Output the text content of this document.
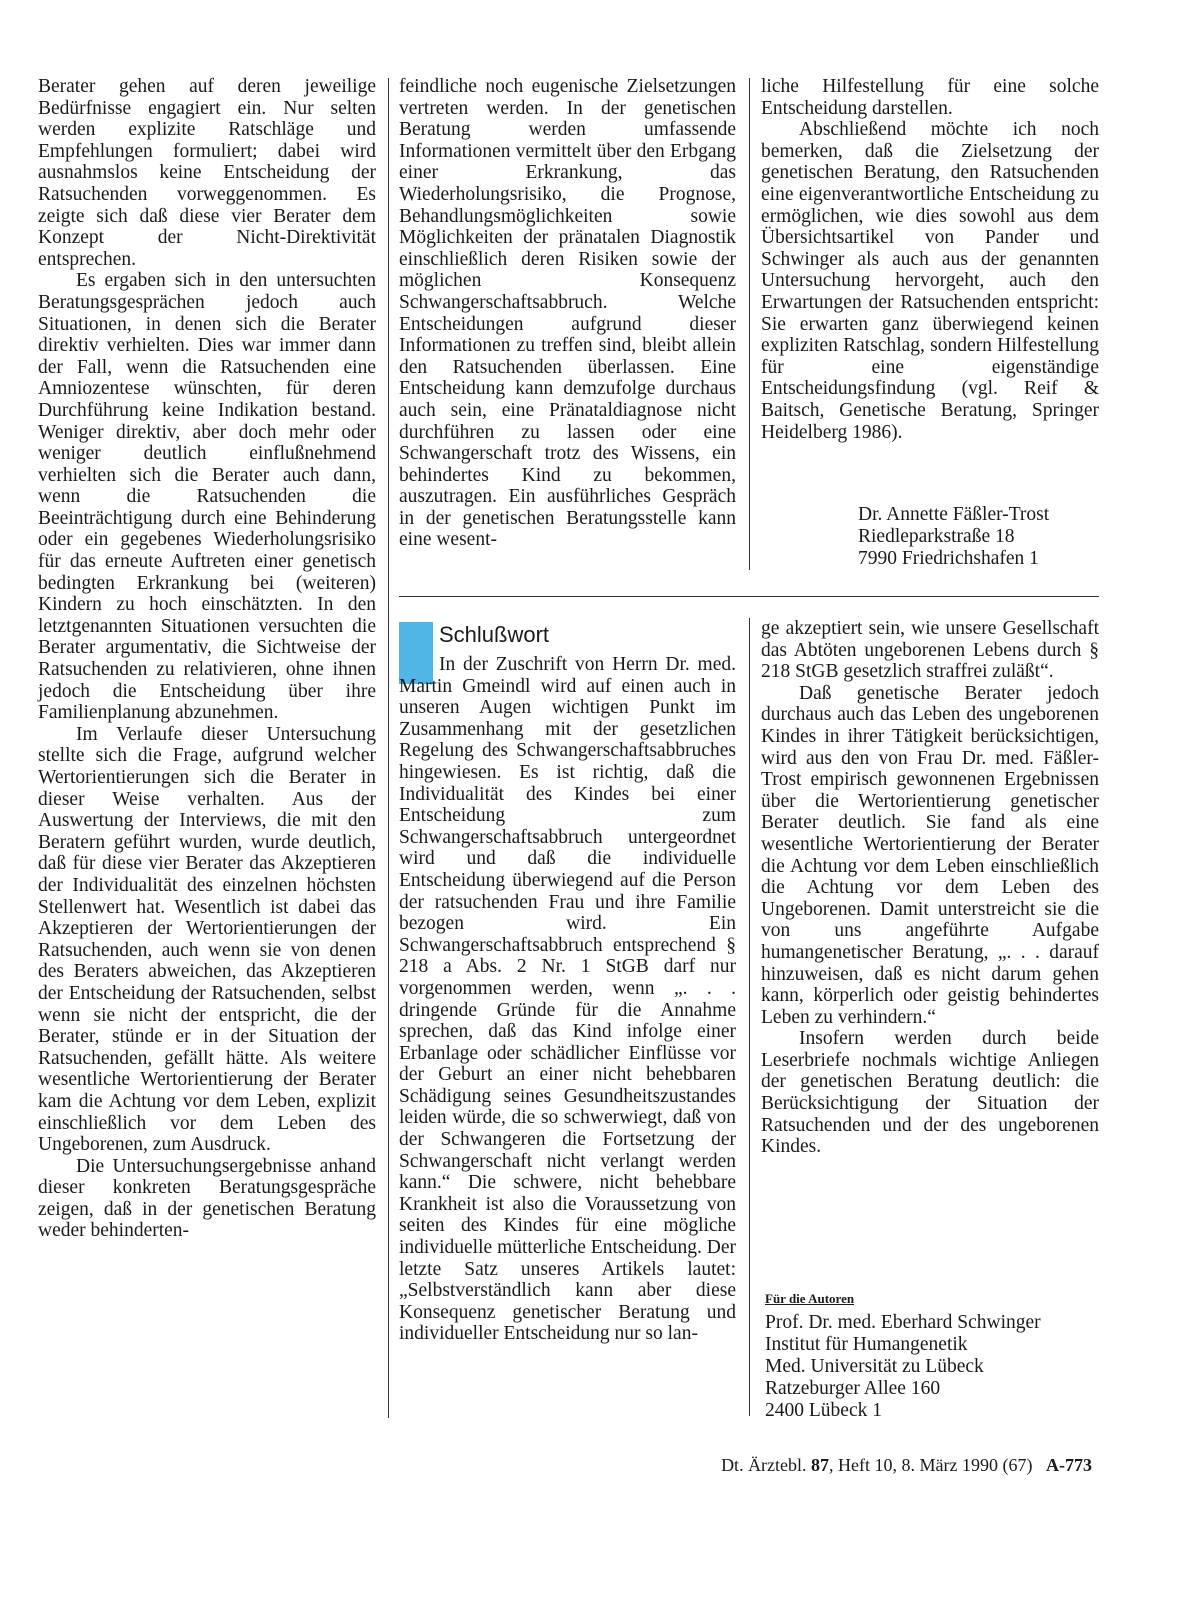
Berater gehen auf deren jeweilige Bedürfnisse engagiert ein. Nur selten werden explizite Ratschläge und Empfehlungen formuliert; dabei wird ausnahmslos keine Entscheidung der Ratsuchenden vorweggenommen. Es zeigte sich daß diese vier Berater dem Konzept der Nicht-Direktivität entsprechen.

Es ergaben sich in den untersuchten Beratungsgesprächen jedoch auch Situationen, in denen sich die Berater direktiv verhielten. Dies war immer dann der Fall, wenn die Ratsuchenden eine Amniozentese wünschten, für deren Durchführung keine Indikation bestand. Weniger direktiv, aber doch mehr oder weniger deutlich einflußnehmend verhielten sich die Berater auch dann, wenn die Ratsuchenden die Beeinträchtigung durch eine Behinderung oder ein gegebenes Wiederholungsrisiko für das erneute Auftreten einer genetisch bedingten Erkrankung bei (weiteren) Kindern zu hoch einschätzten. In den letztgenannten Situationen versuchten die Berater argumentativ, die Sichtweise der Ratsuchenden zu relativieren, ohne ihnen jedoch die Entscheidung über ihre Familienplanung abzunehmen.

Im Verlaufe dieser Untersuchung stellte sich die Frage, aufgrund welcher Wertorientierungen sich die Berater in dieser Weise verhalten. Aus der Auswertung der Interviews, die mit den Beratern geführt wurden, wurde deutlich, daß für diese vier Berater das Akzeptieren der Individualität des einzelnen höchsten Stellenwert hat. Wesentlich ist dabei das Akzeptieren der Wertorientierungen der Ratsuchenden, auch wenn sie von denen des Beraters abweichen, das Akzeptieren der Entscheidung der Ratsuchenden, selbst wenn sie nicht der entspricht, die der Berater, stünde er in der Situation der Ratsuchenden, gefällt hätte. Als weitere wesentliche Wertorientierung der Berater kam die Achtung vor dem Leben, explizit einschließlich vor dem Leben des Ungeborenen, zum Ausdruck.

Die Untersuchungsergebnisse anhand dieser konkreten Beratungsgespräche zeigen, daß in der genetischen Beratung weder behinderten-

feindliche noch eugenische Zielsetzungen vertreten werden. In der genetischen Beratung werden umfassende Informationen vermittelt über den Erbgang einer Erkrankung, das Wiederholungsrisiko, die Prognose, Behandlungsmöglichkeiten sowie Möglichkeiten der pränatalen Diagnostik einschließlich deren Risiken sowie der möglichen Konsequenz Schwangerschaftsabbruch. Welche Entscheidungen aufgrund dieser Informationen zu treffen sind, bleibt allein den Ratsuchenden überlassen. Eine Entscheidung kann demzufolge durchaus auch sein, eine Pränataldiagnose nicht durchführen zu lassen oder eine Schwangerschaft trotz des Wissens, ein behindertes Kind zu bekommen, auszutragen. Ein ausführliches Gespräch in der genetischen Beratungsstelle kann eine wesent-

liche Hilfestellung für eine solche Entscheidung darstellen.

Abschließend möchte ich noch bemerken, daß die Zielsetzung der genetischen Beratung, den Ratsuchenden eine eigenverantwortliche Entscheidung zu ermöglichen, wie dies sowohl aus dem Übersichtsartikel von Pander und Schwinger als auch aus der genannten Untersuchung hervorgeht, auch den Erwartungen der Ratsuchenden entspricht: Sie erwarten ganz überwiegend keinen expliziten Ratschlag, sondern Hilfestellung für eine eigenständige Entscheidungsfindung (vgl. Reif & Baitsch, Genetische Beratung, Springer Heidelberg 1986).

Dr. Annette Fäßler-Trost
Riedleparkstraße 18
7990 Friedrichshafen 1
Schlußwort

In der Zuschrift von Herrn Dr. med. Martin Gmeindl wird auf einen auch in unseren Augen wichtigen Punkt im Zusammenhang mit der gesetzlichen Regelung des Schwangerschaftsabbruches hingewiesen. Es ist richtig, daß die Individualität des Kindes bei einer Entscheidung zum Schwangerschaftsabbruch untergeordnet wird und daß die individuelle Entscheidung überwiegend auf die Person der ratsuchenden Frau und ihre Familie bezogen wird. Ein Schwangerschaftsabbruch entsprechend § 218 a Abs. 2 Nr. 1 StGB darf nur vorgenommen werden, wenn „. . . dringende Gründe für die Annahme sprechen, daß das Kind infolge einer Erbanlage oder schädlicher Einflüsse vor der Geburt an einer nicht behebbaren Schädigung seines Gesundheitszustandes leiden würde, die so schwerwiegt, daß von der Schwangeren die Fortsetzung der Schwangerschaft nicht verlangt werden kann.“ Die schwere, nicht behebbare Krankheit ist also die Voraussetzung von seiten des Kindes für eine mögliche individuelle mütterliche Entscheidung. Der letzte Satz unseres Artikels lautet: „Selbstverständlich kann aber diese Konsequenz genetischer Beratung und individueller Entscheidung nur so lan-

ge akzeptiert sein, wie unsere Gesellschaft das Abtöten ungeborenen Lebens durch § 218 StGB gesetzlich straffrei zuläßt“.

Daß genetische Berater jedoch durchaus auch das Leben des ungeborenen Kindes in ihrer Tätigkeit berücksichtigen, wird aus den von Frau Dr. med. Fäßler-Trost empirisch gewonnenen Ergebnissen über die Wertorientierung genetischer Berater deutlich. Sie fand als eine wesentliche Wertorientierung der Berater die Achtung vor dem Leben einschließlich die Achtung vor dem Leben des Ungeborenen. Damit unterstreicht sie die von uns angeführte Aufgabe humangenetischer Beratung, „. . . darauf hinzuweisen, daß es nicht darum gehen kann, körperlich oder geistig behindertes Leben zu verhindern.“

Insofern werden durch beide Leserbriefe nochmals wichtige Anliegen der genetischen Beratung deutlich: die Berücksichtigung der Situation der Ratsuchenden und der des ungeborenen Kindes.

Für die Autoren
Prof. Dr. med. Eberhard Schwinger
Institut für Humangenetik
Med. Universität zu Lübeck
Ratzeburger Allee 160
2400 Lübeck 1
Dt. Ärztebl. 87, Heft 10, 8. März 1990 (67) A-773
